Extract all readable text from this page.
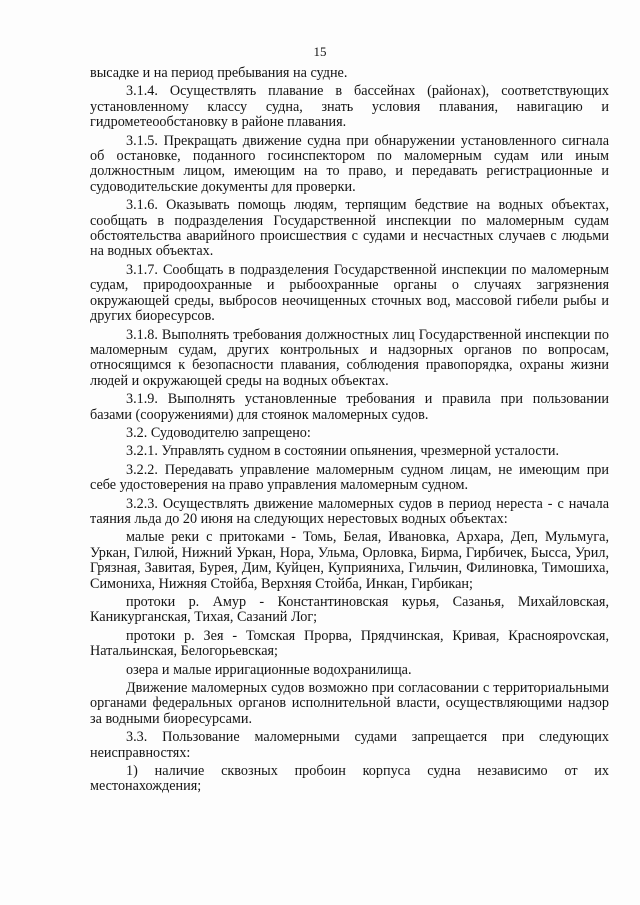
15

высадке и на период пребывания на судне.

3.1.4. Осуществлять плавание в бассейнах (районах), соответствующих установленному классу судна, знать условия плавания, навигацию и гидрометеообстановку в районе плавания.

3.1.5. Прекращать движение судна при обнаружении установленного сигнала об остановке, поданного госинспектором по маломерным судам или иным должностным лицом, имеющим на то право, и передавать регистрационные и судоводительские документы для проверки.

3.1.6. Оказывать помощь людям, терпящим бедствие на водных объектах, сообщать в подразделения Государственной инспекции по маломерным судам обстоятельства аварийного происшествия с судами и несчастных случаев с людьми на водных объектах.

3.1.7. Сообщать в подразделения Государственной инспекции по маломерным судам, природоохранные и рыбоохранные органы о случаях загрязнения окружающей среды, выбросов неочищенных сточных вод, массовой гибели рыбы и других биоресурсов.

3.1.8. Выполнять требования должностных лиц Государственной инспекции по маломерным судам, других контрольных и надзорных органов по вопросам, относящимся к безопасности плавания, соблюдения правопорядка, охраны жизни людей и окружающей среды на водных объектах.

3.1.9. Выполнять установленные требования и правила при пользовании базами (сооружениями) для стоянок маломерных судов.

3.2. Судоводителю запрещено:

3.2.1. Управлять судном в состоянии опьянения, чрезмерной усталости.

3.2.2. Передавать управление маломерным судном лицам, не имеющим при себе удостоверения на право управления маломерным судном.

3.2.3. Осуществлять движение маломерных судов в период нереста - с начала таяния льда до 20 июня на следующих нерестовых водных объектах:

малые реки с притоками - Томь, Белая, Ивановка, Архара, Деп, Мульмуга, Уркан, Гилюй, Нижний Уркан, Нора, Ульма, Орловка, Бирма, Гирбичек, Бысса, Урил, Грязная, Завитая, Бурея, Дим, Куйцен, Куприяниха, Гильчин, Филиновка, Тимошиха, Симониха, Нижняя Стойба, Верхняя Стойба, Инкан, Гирбикан;

протоки р. Амур - Константиновская курья, Сазанья, Михайловская, Каникурганская, Тихая, Сазаний Лог;

протоки р. Зея - Томская Прорва, Прядчинская, Кривая, Красноярovская, Натальинская, Белогорьевская;

озера и малые ирригационные водохранилища.

Движение маломерных судов возможно при согласовании с территориальными органами федеральных органов исполнительной власти, осуществляющими надзор за водными биоресурсами.

3.3. Пользование маломерными судами запрещается при следующих неисправностях:

1) наличие сквозных пробоин корпуса судна независимо от их местонахождения;
